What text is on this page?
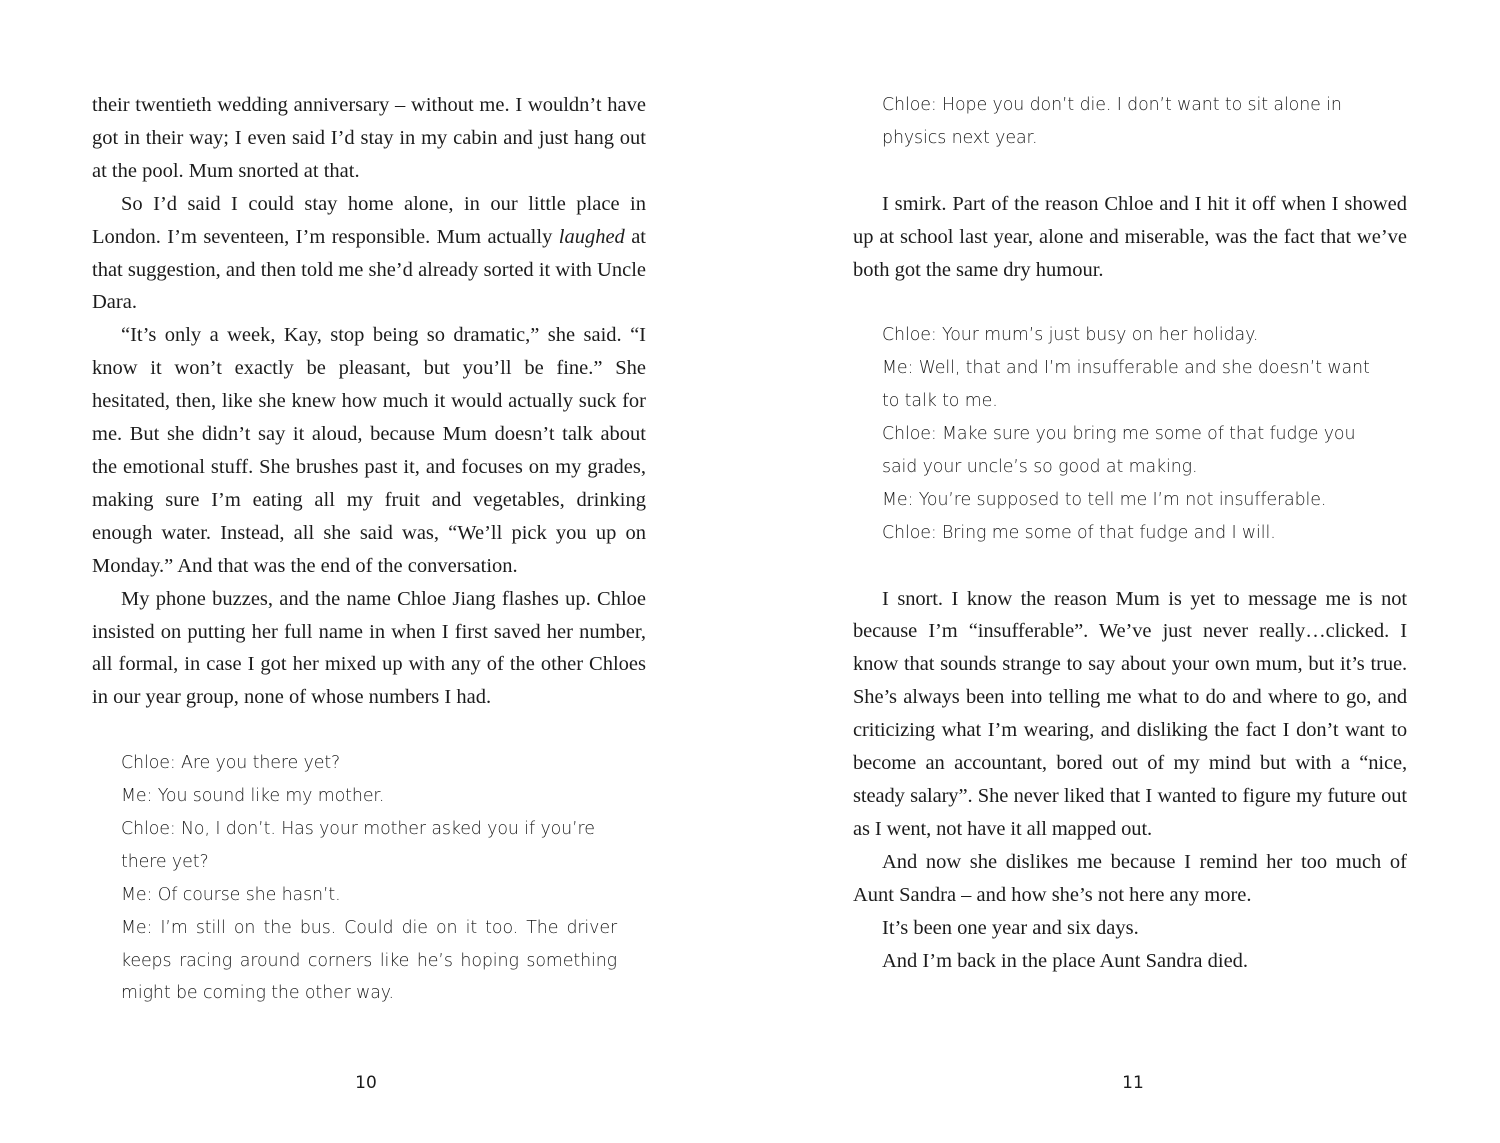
their twentieth wedding anniversary – without me. I wouldn’t have got in their way; I even said I’d stay in my cabin and just hang out at the pool. Mum snorted at that.

So I’d said I could stay home alone, in our little place in London. I’m seventeen, I’m responsible. Mum actually laughed at that suggestion, and then told me she’d already sorted it with Uncle Dara.

“It’s only a week, Kay, stop being so dramatic,” she said. “I know it won’t exactly be pleasant, but you’ll be fine.” She hesitated, then, like she knew how much it would actually suck for me. But she didn’t say it aloud, because Mum doesn’t talk about the emotional stuff. She brushes past it, and focuses on my grades, making sure I’m eating all my fruit and vegetables, drinking enough water. Instead, all she said was, “We’ll pick you up on Monday.” And that was the end of the conversation.

My phone buzzes, and the name Chloe Jiang flashes up. Chloe insisted on putting her full name in when I first saved her number, all formal, in case I got her mixed up with any of the other Chloes in our year group, none of whose numbers I had.

Chloe: Are you there yet?

Me: You sound like my mother.

Chloe: No, I don’t. Has your mother asked you if you’re there yet?

Me: Of course she hasn’t.

Me: I’m still on the bus. Could die on it too. The driver keeps racing around corners like he’s hoping something might be coming the other way.

10

Chloe: Hope you don’t die. I don’t want to sit alone in physics next year.

I smirk. Part of the reason Chloe and I hit it off when I showed up at school last year, alone and miserable, was the fact that we’ve both got the same dry humour.

Chloe: Your mum’s just busy on her holiday.

Me: Well, that and I’m insufferable and she doesn’t want to talk to me.

Chloe: Make sure you bring me some of that fudge you said your uncle’s so good at making.

Me: You’re supposed to tell me I’m not insufferable.

Chloe: Bring me some of that fudge and I will.

I snort. I know the reason Mum is yet to message me is not because I’m “insufferable”. We’ve just never really…clicked. I know that sounds strange to say about your own mum, but it’s true. She’s always been into telling me what to do and where to go, and criticizing what I’m wearing, and disliking the fact I don’t want to become an accountant, bored out of my mind but with a “nice, steady salary”. She never liked that I wanted to figure my future out as I went, not have it all mapped out.

And now she dislikes me because I remind her too much of Aunt Sandra – and how she’s not here any more.

It’s been one year and six days.

And I’m back in the place Aunt Sandra died.

11
